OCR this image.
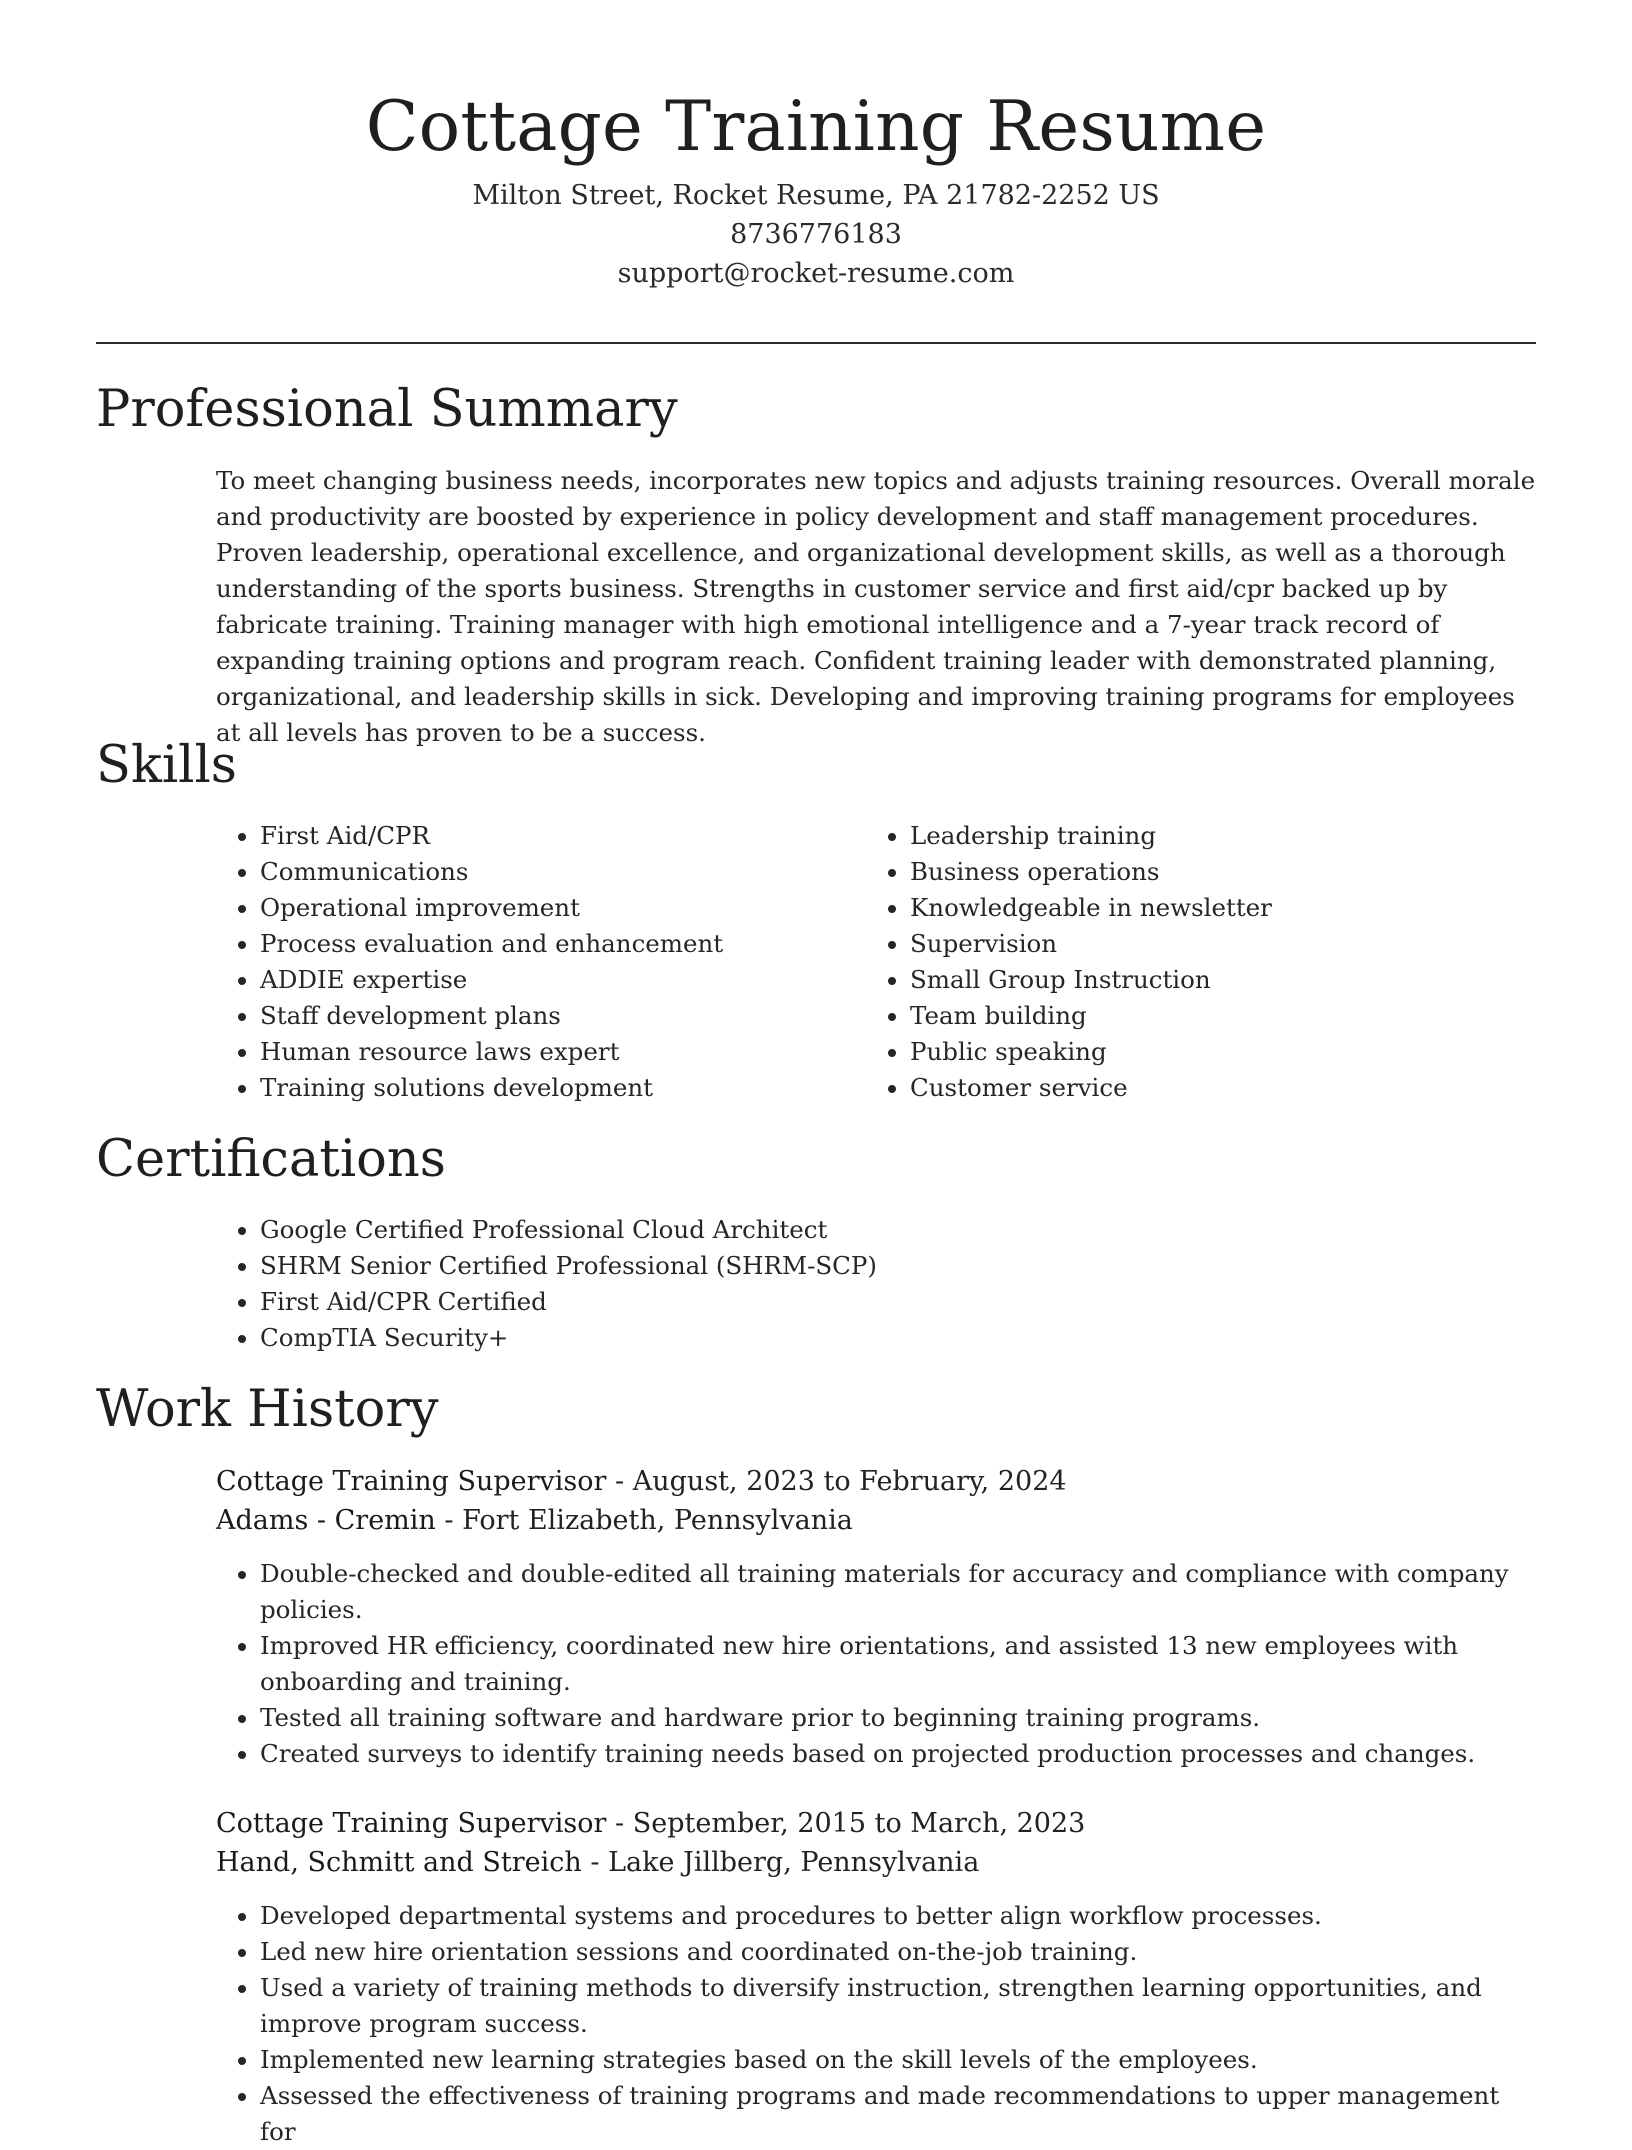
Cottage Training Resume
Milton Street, Rocket Resume, PA 21782-2252 US
8736776183
support@rocket-resume.com
Professional Summary

To meet changing business needs, incorporates new topics and adjusts training resources. Overall morale and productivity are boosted by experience in policy development and staff management procedures. Proven leadership, operational excellence, and organizational development skills, as well as a thorough understanding of the sports business. Strengths in customer service and first aid/cpr backed up by fabricate training. Training manager with high emotional intelligence and a 7-year track record of expanding training options and program reach. Confident training leader with demonstrated planning, organizational, and leadership skills in sick. Developing and improving training programs for employees at all levels has proven to be a success.

Skills
• First Aid/CPR
• Communications
• Operational improvement
• Process evaluation and enhancement
• ADDIE expertise
• Staff development plans
• Human resource laws expert
• Training solutions development
• Leadership training
• Business operations
• Knowledgeable in newsletter
• Supervision
• Small Group Instruction
• Team building
• Public speaking
• Customer service
Certifications
• Google Certified Professional Cloud Architect
• SHRM Senior Certified Professional (SHRM-SCP)
• First Aid/CPR Certified
• CompTIA Security+
Work History
Cottage Training Supervisor - August, 2023 to February, 2024
Adams - Cremin - Fort Elizabeth, Pennsylvania
• Double-checked and double-edited all training materials for accuracy and compliance with company policies.
• Improved HR efficiency, coordinated new hire orientations, and assisted 13 new employees with onboarding and training.
• Tested all training software and hardware prior to beginning training programs.
• Created surveys to identify training needs based on projected production processes and changes.
Cottage Training Supervisor - September, 2015 to March, 2023
Hand, Schmitt and Streich - Lake Jillberg, Pennsylvania
• Developed departmental systems and procedures to better align workflow processes.
• Led new hire orientation sessions and coordinated on-the-job training.
• Used a variety of training methods to diversify instruction, strengthen learning opportunities, and improve program success.
• Implemented new learning strategies based on the skill levels of the employees.
• Assessed the effectiveness of training programs and made recommendations to upper management for
